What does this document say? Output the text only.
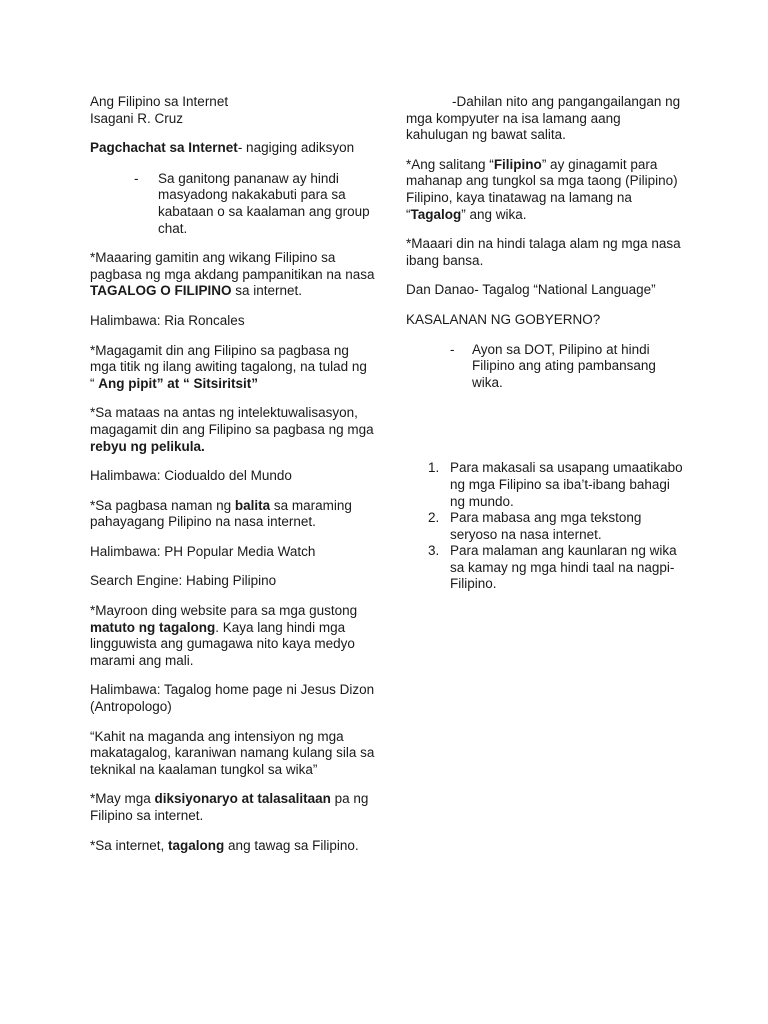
Ang Filipino sa Internet
Isagani R. Cruz

Pagchachat sa Internet- nagiging adiksyon

-	Sa ganitong pananaw ay hindi masyadong nakakabuti para sa kabataan o sa kaalaman ang group chat.

*Maaaring gamitin ang wikang Filipino sa pagbasa ng mga akdang pampanitikan na nasa TAGALOG O FILIPINO sa internet.

Halimbawa: Ria Roncales

*Magagamit din ang Filipino sa pagbasa ng mga titik ng ilang awiting tagalong, na tulad ng “ Ang pipit” at “ Sitsiritsit”

*Sa mataas na antas ng intelektuwalisasyon, magagamit din ang Filipino sa pagbasa ng mga rebyu ng pelikula.

Halimbawa: Ciodualdo del Mundo

*Sa pagbasa naman ng balita sa maraming pahayagang Pilipino na nasa internet.

Halimbawa: PH Popular Media Watch

Search Engine: Habing Pilipino

*Mayroon ding website para sa mga gustong matuto ng tagalong. Kaya lang hindi mga lingguwista ang gumagawa nito kaya medyo marami ang mali.

Halimbawa: Tagalog home page ni Jesus Dizon (Antropologo)

“Kahit na maganda ang intensiyon ng mga makatagalog, karaniwan namang kulang sila sa teknikal na kaalaman tungkol sa wika”

*May mga diksiyonaryo at talasalitaan pa ng Filipino sa internet.

*Sa internet, tagalong ang tawag sa Filipino.

-Dahilan nito ang pangangailangan ng mga kompyuter na isa lamang aang kahulugan ng bawat salita.

*Ang salitang “Filipino” ay ginagamit para mahanap ang tungkol sa mga taong (Pilipino) Filipino, kaya tinatawag na lamang na “Tagalog” ang wika.

*Maaari din na hindi talaga alam ng mga nasa ibang bansa.

Dan Danao- Tagalog “National Language”

KASALANAN NG GOBYERNO?

-	Ayon sa DOT, Pilipino at hindi Filipino ang ating pambansang wika.
1. Para makasali sa usapang umaatikabo ng mga Filipino sa iba’t-ibang bahagi ng mundo.
2. Para mabasa ang mga tekstong seryoso na nasa internet.
3. Para malaman ang kaunlaran ng wika sa kamay ng mga hindi taal na nagpi-Filipino.
